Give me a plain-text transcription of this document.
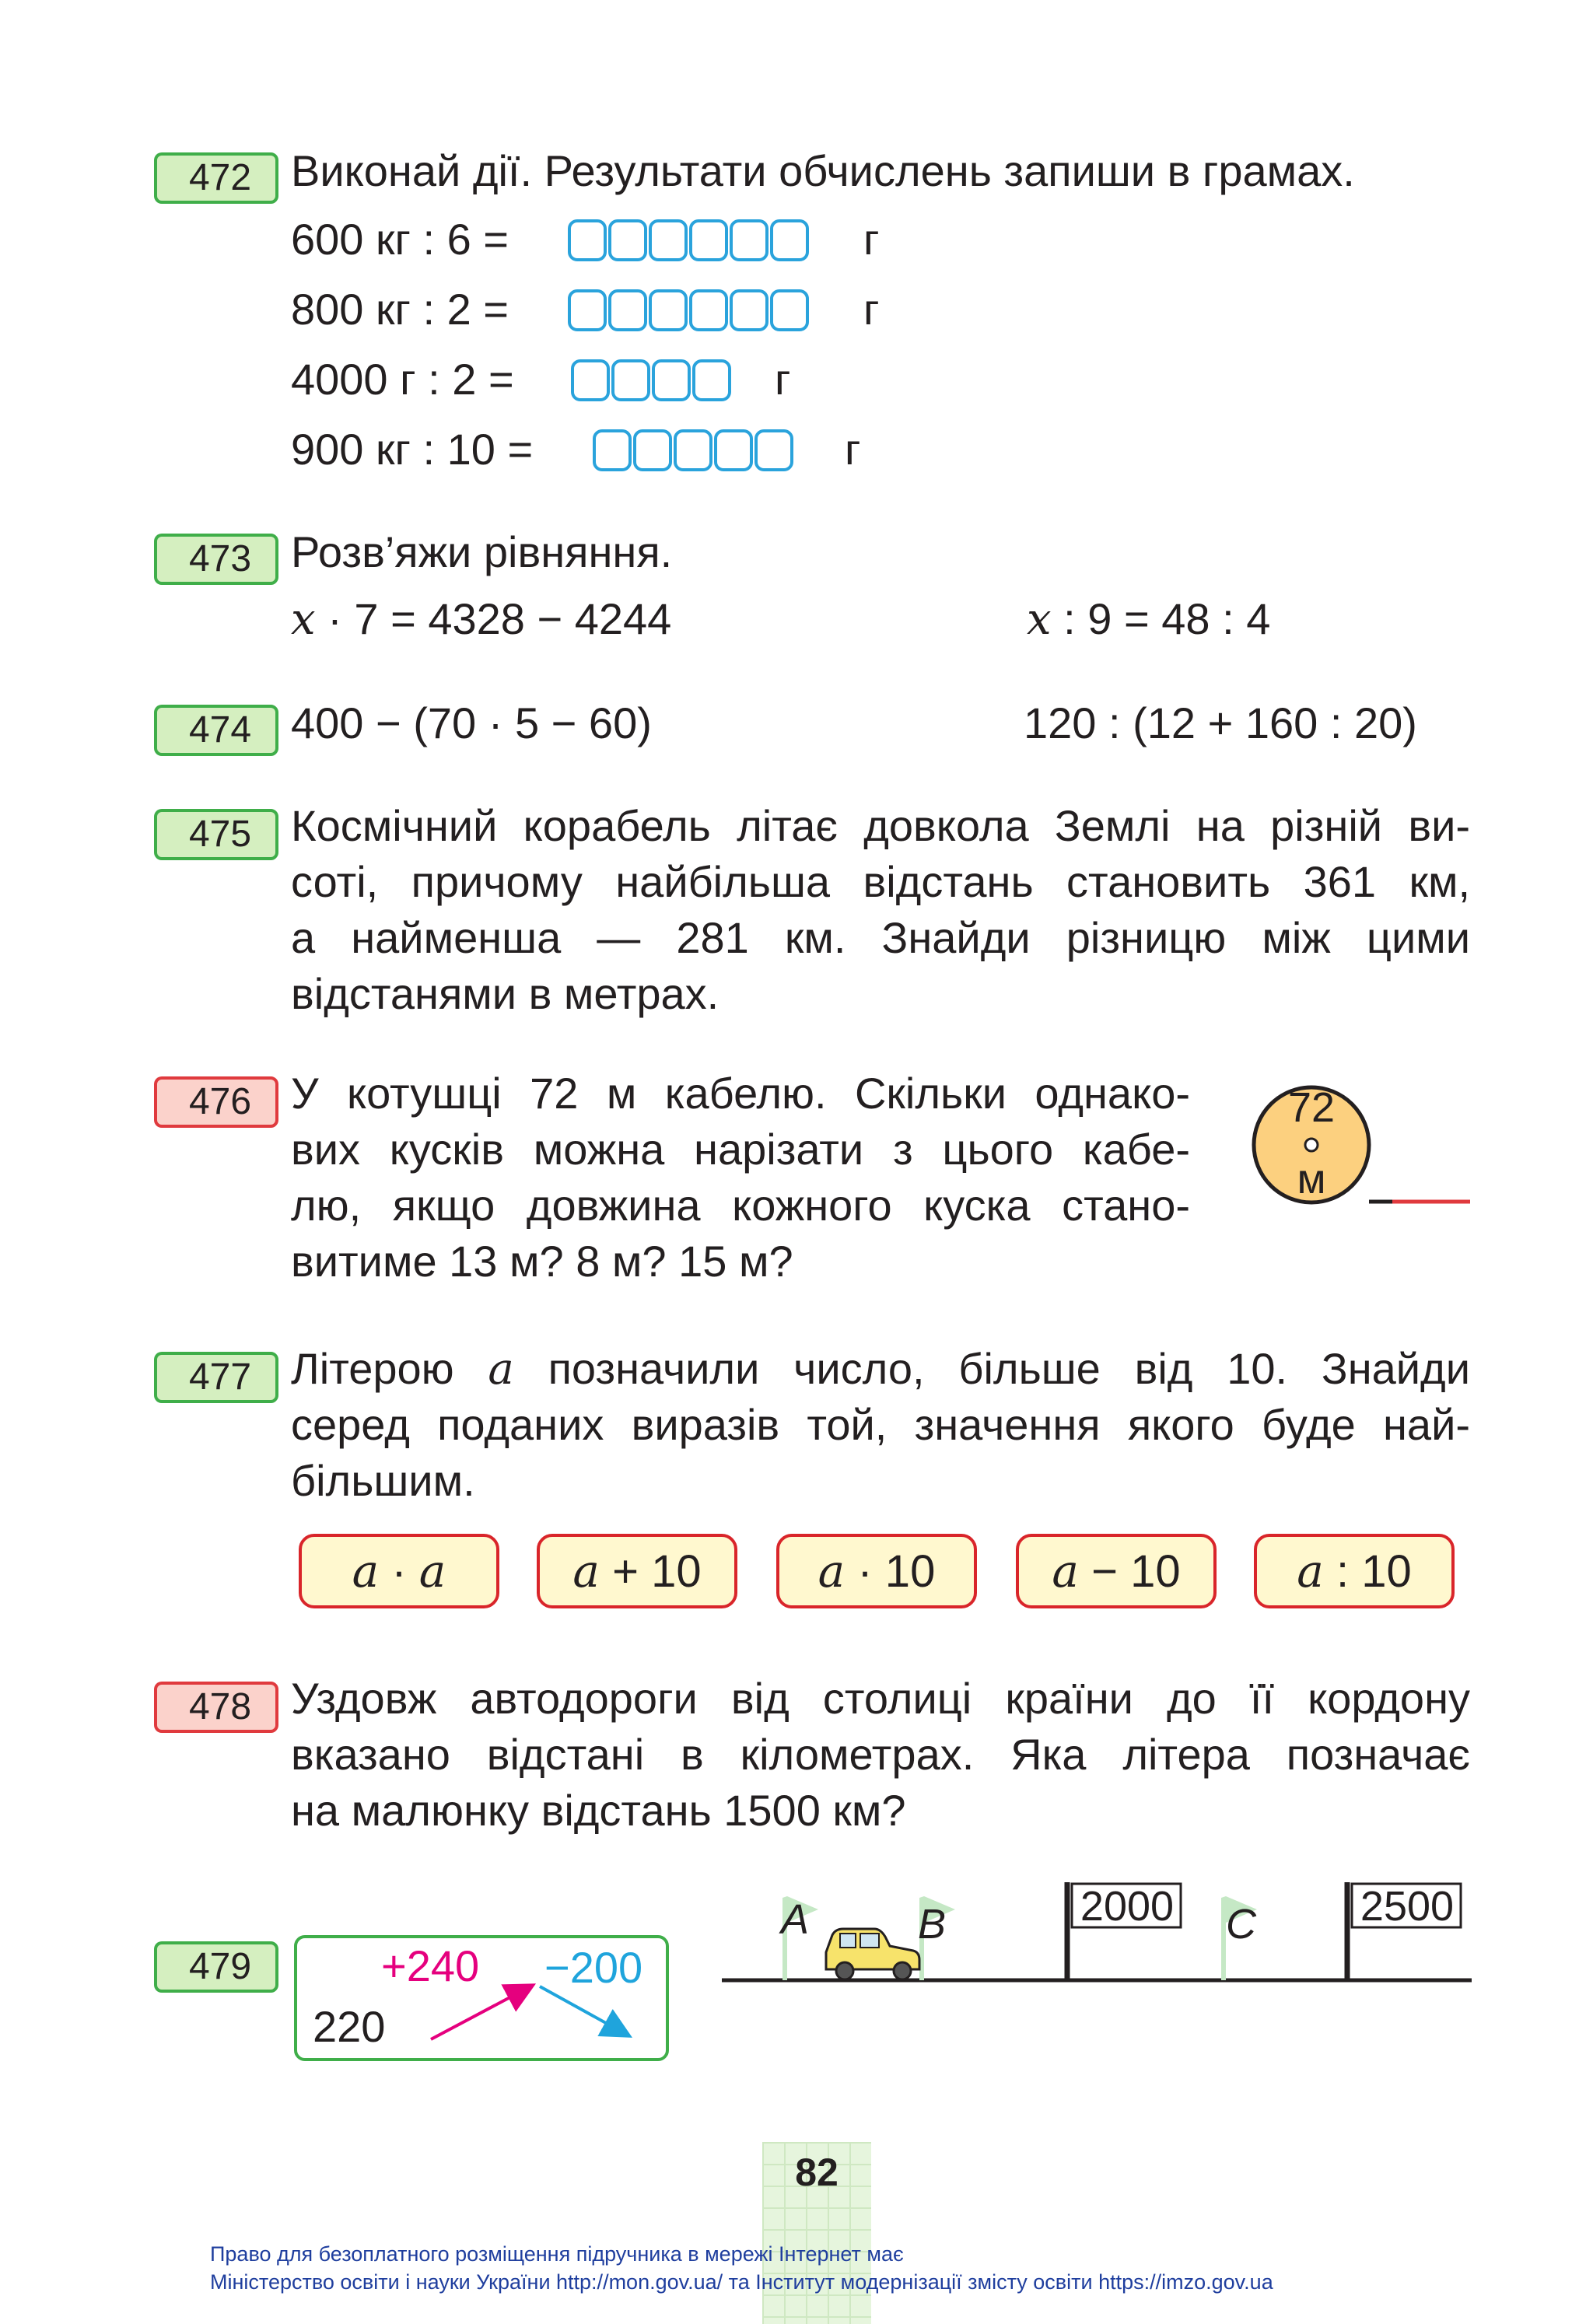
472 Виконай дії. Результати обчислень запиши в грамах.
600 кг : 6 =	г
800 кг : 2 =	г
4000 г : 2 =	г
900 кг : 10 =	г
473 Розв’яжи рівняння.
x · 7 = 4328 − 4244	x : 9 = 48 : 4
474 400 − (70 · 5 − 60)	120 : (12 + 160 : 20)
475 Космічний корабель літає довкола Землі на різній ви-
соті, причому найбільша відстань становить 361 км,
а найменша — 281 км. Знайди різницю між цими
відстанями в метрах.
476 У котушці 72 м кабелю. Скільки однако-
вих кусків можна нарізати з цього кабе-
лю, якщо довжина кожного куска стано-
витиме 13 м? 8 м? 15 м?
72
м
477 Літерою a позначили число, більше від 10. Знайди
серед поданих виразів той, значення якого буде най-
більшим.
a · a	a + 10	a · 10	a − 10	a : 10
478 Уздовж автодороги від столиці країни до її кордону
вказано відстані в кілометрах. Яка літера позначає
на малюнку відстань 1500 км?
A	B	C
2000	2500
479
220
+240 −200
82
Право для безоплатного розміщення підручника в мережі Інтернет має
Міністерство освіти і науки України http://mon.gov.ua/ та Інститут модернізації змісту освіти https://imzo.gov.ua
